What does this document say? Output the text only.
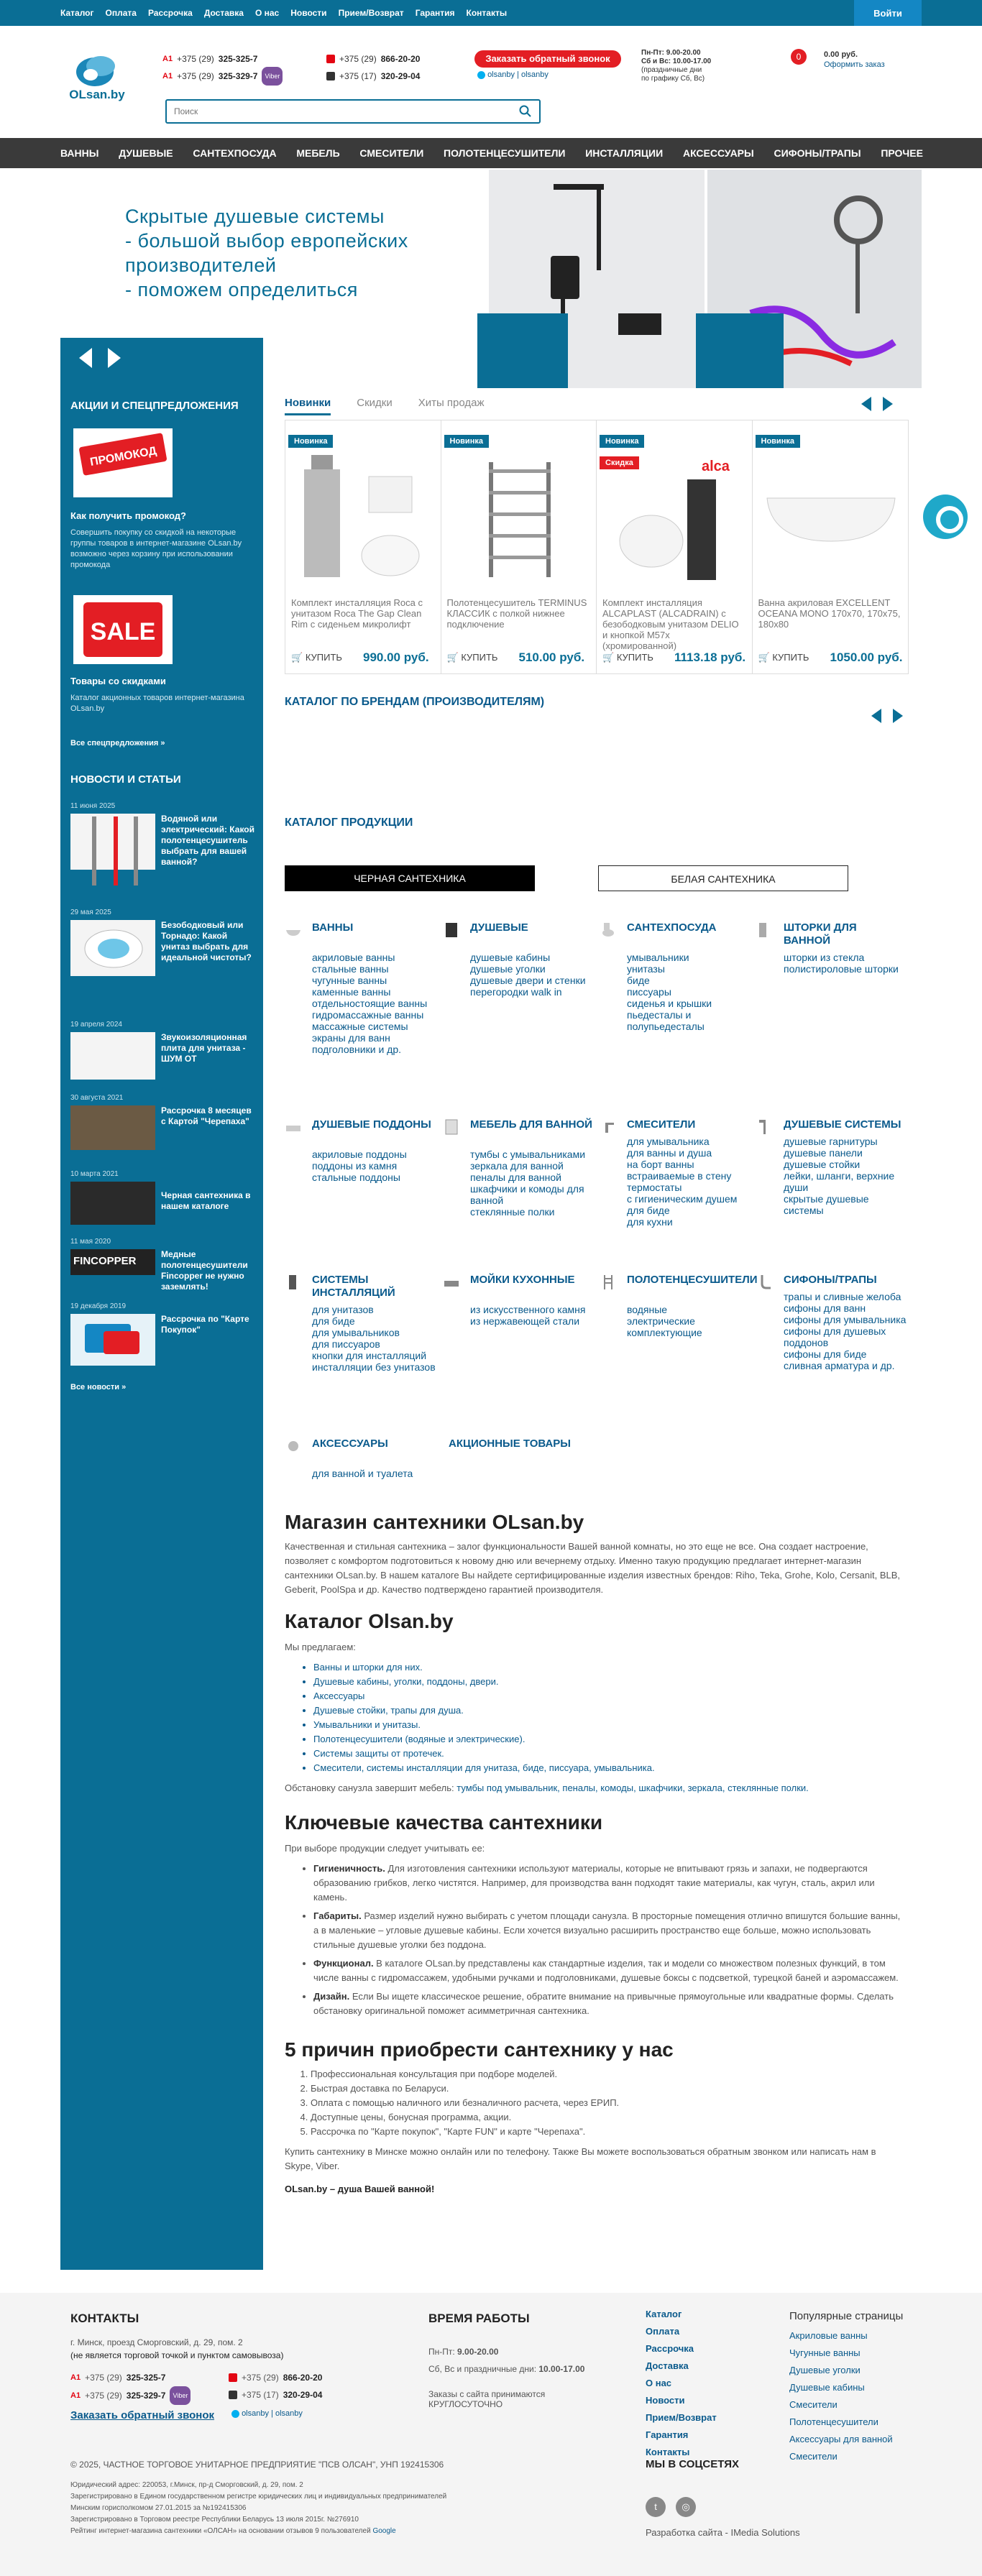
Каталог Оплата Рассрочка Доставка О нас Новости Прием/Возврат Гарантия Контакты	Войти
OLsan.by
A1 +375 (29) 325-325-7
A1 +375 (29) 325-329-7	Viber
+375 (29) 866-20-20
+375 (17) 320-29-04
Заказать обратный звонок
olsanby | olsanby
Пн-Пт: 9.00-20.00
Сб и Вс: 10.00-17.00
(праздничные дни
по графику Сб, Вс)
0	0.00 руб.
Оформить заказ
Поиск
ВАННЫ ДУШЕВЫЕ САНТЕХПОСУДА МЕБЕЛЬ СМЕСИТЕЛИ ПОЛОТЕНЦЕСУШИТЕЛИ ИНСТАЛЛЯЦИИ АКСЕССУАРЫ СИФОНЫ/ТРАПЫ ПРОЧЕЕ
Скрытые душевые системы
- большой выбор европейских
производителей
- поможем определиться
АКЦИИ И СПЕЦПРЕДЛОЖЕНИЯ
ПРОМОКОД
Как получить промокод?
Совершить покупку со скидкой на некоторые группы товаров в интернет-магазине OLsan.by возможно через корзину при использовании промокода
SALE
Товары со скидками
Каталог акционных товаров интернет-магазина OLsan.by
Все спецпредложения »
НОВОСТИ И СТАТЬИ
11 июня 2025
Водяной или электрический: Какой полотенцесушитель выбрать для вашей ванной?
29 мая 2025
Безободковый или Торнадо: Какой унитаз выбрать для идеальной чистоты?
19 апреля 2024
Звукоизоляционная плита для унитаза - ШУМ ОТ
30 августа 2021
Рассрочка 8 месяцев с Картой "Черепаха"
10 марта 2021
Черная сантехника в нашем каталоге
11 мая 2020
FINCOPPER
Медные полотенцесушители Fincopper не нужно заземлять!
19 декабря 2019
Рассрочка по "Карте Покупок"
Все новости »
Новинки Скидки Хиты продаж
Новинка
Комплект инсталляция Roca с унитазом Roca The Gap Clean Rim с сиденьем микролифт
🛒 КУПИТЬ 990.00 руб.
Новинка
Полотенцесушитель TERMINUS КЛАССИК с полкой нижнее подключение
🛒 КУПИТЬ 510.00 руб.
alca
Новинка
Скидка
Комплект инсталляция ALCAPLAST (ALCADRAIN) с безободковым унитазом DELIO и кнопкой M57x (хромированной)
🛒 КУПИТЬ 1113.18 руб.
Новинка
Ванна акриловая EXCELLENT OCEANA MONO 170x70, 170x75, 180x80
🛒 КУПИТЬ 1050.00 руб.
КАТАЛОГ ПО БРЕНДАМ (ПРОИЗВОДИТЕЛЯМ)
КАТАЛОГ ПРОДУКЦИИ
ЧЕРНАЯ САНТЕХНИКА	БЕЛАЯ САНТЕХНИКА
ВАННЫ
акриловые ванны
стальные ванны
чугунные ванны
каменные ванны
отдельностоящие ванны
гидромассажные ванны
массажные системы
экраны для ванн
подголовники и др.
ДУШЕВЫЕ
душевые кабины
душевые уголки
душевые двери и стенки
перегородки walk in
САНТЕХПОСУДА
умывальники
унитазы
биде
писсуары
сиденья и крышки
пьедесталы и полупьедесталы
ШТОРКИ ДЛЯ ВАННОЙ
шторки из стекла
полистироловые шторки
ДУШЕВЫЕ ПОДДОНЫ
акриловые поддоны
поддоны из камня
стальные поддоны
МЕБЕЛЬ ДЛЯ ВАННОЙ
тумбы с умывальниками
зеркала для ванной
пеналы для ванной
шкафчики и комоды для ванной
стеклянные полки
СМЕСИТЕЛИ
для умывальника
для ванны и душа
на борт ванны
встраиваемые в стену
термостаты
с гигиеническим душем
для биде
для кухни
ДУШЕВЫЕ СИСТЕМЫ
душевые гарнитуры
душевые панели
душевые стойки
лейки, шланги, верхние души
скрытые душевые системы
СИСТЕМЫ ИНСТАЛЛЯЦИЙ
для унитазов
для биде
для умывальников
для писсуаров
кнопки для инсталляций
инсталляции без унитазов
МОЙКИ КУХОННЫЕ
из искусственного камня
из нержавеющей стали
ПОЛОТЕНЦЕСУШИТЕЛИ
водяные
электрические
комплектующие
СИФОНЫ/ТРАПЫ
трапы и сливные желоба
сифоны для ванн
сифоны для умывальника
сифоны для душевых поддонов
сифоны для биде
сливная арматура и др.
АКСЕССУАРЫ
для ванной и туалета
АКЦИОННЫЕ ТОВАРЫ
Магазин сантехники OLsan.by
Качественная и стильная сантехника – залог функциональности Вашей ванной комнаты, но это еще не все. Она создает настроение, позволяет с комфортом подготовиться к новому дню или вечернему отдыху. Именно такую продукцию предлагает интернет-магазин сантехники OLsan.by. В нашем каталоге Вы найдете сертифицированные изделия известных брендов: Riho, Teka, Grohe, Kolo, Cersanit, BLB, Geberit, PoolSpa и др. Качество подтверждено гарантией производителя.
Каталог Olsan.by
Мы предлагаем:
• Ванны и шторки для них.
• Душевые кабины, уголки, поддоны, двери.
• Аксессуары
• Душевые стойки, трапы для душа.
• Умывальники и унитазы.
• Полотенцесушители (водяные и электрические).
• Системы защиты от протечек.
• Смесители, системы инсталляции для унитаза, биде, писсуара, умывальника.
Обстановку санузла завершит мебель: тумбы под умывальник, пеналы, комоды, шкафчики, зеркала, стеклянные полки.
Ключевые качества сантехники
При выборе продукции следует учитывать ее:
• Гигиеничность. Для изготовления сантехники используют материалы, которые не впитывают грязь и запахи, не подвергаются образованию грибков, легко чистятся. Например, для производства ванн подходят такие материалы, как чугун, сталь, акрил или камень.
• Габариты. Размер изделий нужно выбирать с учетом площади санузла. В просторные помещения отлично впишутся большие ванны, а в маленькие – угловые душевые кабины. Если хочется визуально расширить пространство еще больше, можно использовать стильные душевые уголки без поддона.
• Функционал. В каталоге OLsan.by представлены как стандартные изделия, так и модели со множеством полезных функций, в том числе ванны с гидромассажем, удобными ручками и подголовниками, душевые боксы с подсветкой, турецкой баней и аэромассажем.
• Дизайн. Если Вы ищете классическое решение, обратите внимание на привычные прямоугольные или квадратные формы. Сделать обстановку оригинальной поможет асимметричная сантехника.
5 причин приобрести сантехнику у нас
1. Профессиональная консультация при подборе моделей.
2. Быстрая доставка по Беларуси.
3. Оплата с помощью наличного или безналичного расчета, через ЕРИП.
4. Доступные цены, бонусная программа, акции.
5. Рассрочка по "Карте покупок", "Карте FUN" и карте "Черепаха".
Купить сантехнику в Минске можно онлайн или по телефону. Также Вы можете воспользоваться обратным звонком или написать нам в Skype, Viber.
OLsan.by – душа Вашей ванной!
КОНТАКТЫ
г. Минск, проезд Сморговский, д. 29, пом. 2
(не является торговой точкой и пунктом самовывоза)
A1 +375 (29) 325-325-7
A1 +375 (29) 325-329-7	Viber
+375 (29) 866-20-20
+375 (17) 320-29-04
Заказать обратный звонок	olsanby | olsanby
ВРЕМЯ РАБОТЫ
Пн-Пт: 9.00-20.00
Сб, Вс и праздничные дни: 10.00-17.00
Заказы с сайта принимаются КРУГЛОСУТОЧНО
Каталог
Оплата
Рассрочка
Доставка
О нас
Новости
Прием/Возврат
Гарантия
Контакты
Популярные страницы
Акриловые ванны
Чугунные ванны
Душевые уголки
Душевые кабины
Смесители
Полотенцесушители
Аксессуары для ванной
Смесители
© 2025, ЧАСТНОЕ ТОРГОВОЕ УНИТАРНОЕ ПРЕДПРИЯТИЕ "ПСВ ОЛСАН", УНП 192415306
Юридический адрес: 220053, г.Минск, пр-д Сморговский, д. 29, пом. 2
Зарегистрировано в Едином государственном регистре юридических лиц и индивидуальных предпринимателей
Минским горисполкомом 27.01.2015 за №192415306
Зарегистрировано в Торговом реестре Республики Беларусь 13 июля 2015г. №276910
Рейтинг интернет-магазина сантехники «ОЛСАН» на основании отзывов 9 пользователей Google
МЫ В СОЦСЕТЯХ
t	◎
Разработка сайта - IMedia Solutions
